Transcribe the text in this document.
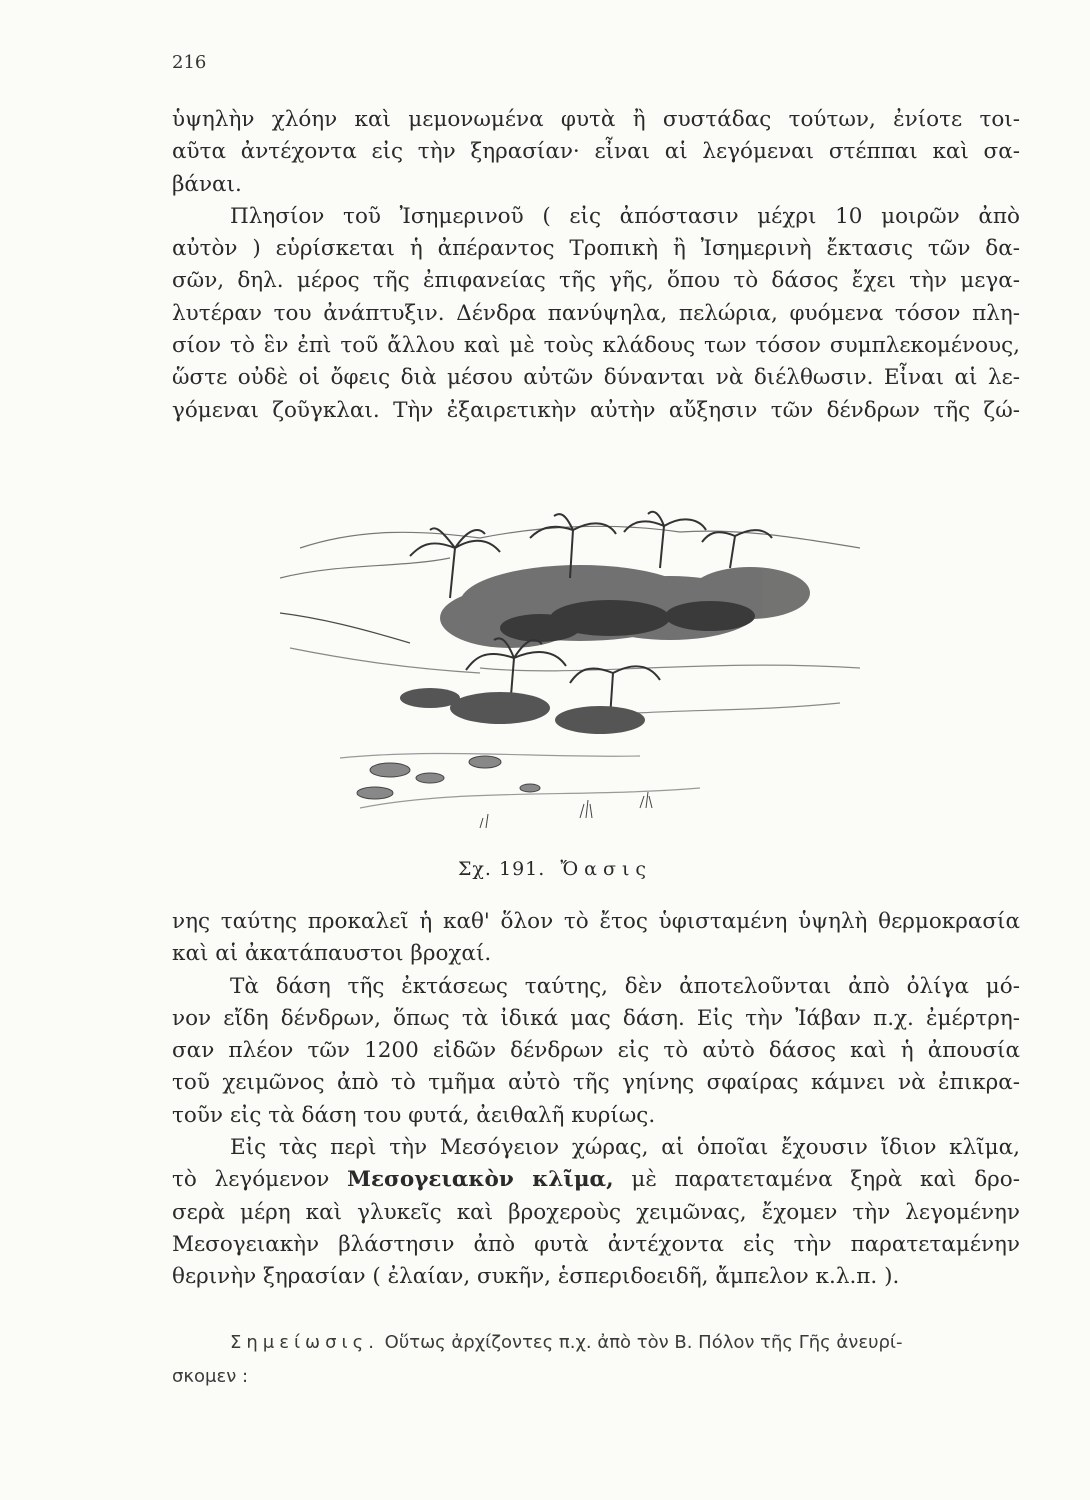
216

ὑψηλὴν χλόην καὶ μεμονωμένα φυτὰ ἢ συστάδας τούτων, ἐνίοτε τοι-

αῦτα ἀντέχοντα εἰς τὴν ξηρασίαν· εἶναι αἱ λεγόμεναι στέππαι καὶ σα-

βάναι.

Πλησίον τοῦ Ἰσημερινοῦ ( εἰς ἀπόστασιν μέχρι 10 μοιρῶν ἀπὸ

αὐτὸν ) εὑρίσκεται ἡ ἀπέραντος Τροπικὴ ἢ Ἰσημερινὴ ἔκτασις τῶν δα-

σῶν, δηλ. μέρος τῆς ἐπιφανείας τῆς γῆς, ὅπου τὸ δάσος ἔχει τὴν μεγα-

λυτέραν του ἀνάπτυξιν. Δένδρα πανύψηλα, πελώρια, φυόμενα τόσον πλη-

σίον τὸ ἓν ἐπὶ τοῦ ἄλλου καὶ μὲ τοὺς κλάδους των τόσον συμπλεκομένους,

ὥστε οὐδὲ οἱ ὄφεις διὰ μέσου αὐτῶν δύνανται νὰ διέλθωσιν. Εἶναι αἱ λε-

γόμεναι ζοῦγκλαι. Τὴν ἐξαιρετικὴν αὐτὴν αὔξησιν τῶν δένδρων τῆς ζώ-

Σχ. 191. Ὄασις

νης ταύτης προκαλεῖ ἡ καθ' ὅλον τὸ ἔτος ὑφισταμένη ὑψηλὴ θερμοκρασία

καὶ αἱ ἀκατάπαυστοι βροχαί.

Τὰ δάση τῆς ἐκτάσεως ταύτης, δὲν ἀποτελοῦνται ἀπὸ ὀλίγα μό-

νον εἴδη δένδρων, ὅπως τὰ ἰδικά μας δάση. Εἰς τὴν Ἰάβαν π.χ. ἐμέρτρη-

σαν πλέον τῶν 1200 εἰδῶν δένδρων εἰς τὸ αὐτὸ δάσος καὶ ἡ ἀπουσία

τοῦ χειμῶνος ἀπὸ τὸ τμῆμα αὐτὸ τῆς γηίνης σφαίρας κάμνει νὰ ἐπικρα-

τοῦν εἰς τὰ δάση του φυτά, ἀειθαλῆ κυρίως.

Εἰς τὰς περὶ τὴν Μεσόγειον χώρας, αἱ ὁποῖαι ἔχουσιν ἴδιον κλῖμα,

τὸ λεγόμενον Μεσογειακὸν κλῖμα, μὲ παρατεταμένα ξηρὰ καὶ δρο-

σερὰ μέρη καὶ γλυκεῖς καὶ βροχεροὺς χειμῶνας, ἔχομεν τὴν λεγομένην

Μεσογειακὴν βλάστησιν ἀπὸ φυτὰ ἀντέχοντα εἰς τὴν παρατεταμένην

θερινὴν ξηρασίαν ( ἐλαίαν, συκῆν, ἑσπεριδοειδῆ, ἄμπελον κ.λ.π. ).

Σημείωσις. Οὕτως ἀρχίζοντες π.χ. ἀπὸ τὸν Β. Πόλον τῆς Γῆς ἀνευρί-

σκομεν :
